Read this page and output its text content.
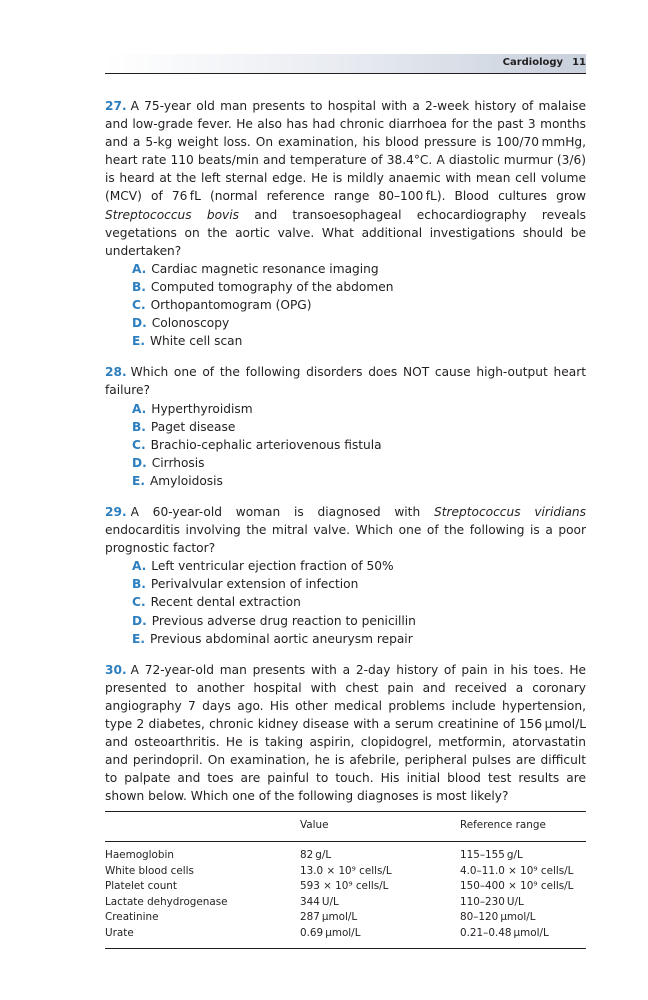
Cardiology 11

27. A 75-year old man presents to hospital with a 2-week history of malaise and low-grade fever. He also has had chronic diarrhoea for the past 3 months and a 5-kg weight loss. On examination, his blood pressure is 100/70 mmHg, heart rate 110 beats/min and temperature of 38.4°C. A diastolic murmur (3/6) is heard at the left sternal edge. He is mildly anaemic with mean cell volume (MCV) of 76 fL (normal reference range 80–100 fL). Blood cultures grow Streptococcus bovis and transoesophageal echocardiography reveals vegetations on the aortic valve. What additional investigations should be undertaken?

A. Cardiac magnetic resonance imaging
B. Computed tomography of the abdomen
C. Orthopantomogram (OPG)
D. Colonoscopy
E. White cell scan

28. Which one of the following disorders does NOT cause high-output heart failure?

A. Hyperthyroidism
B. Paget disease
C. Brachio-cephalic arteriovenous fistula
D. Cirrhosis
E. Amyloidosis

29. A 60-year-old woman is diagnosed with Streptococcus viridians endocarditis involving the mitral valve. Which one of the following is a poor prognostic factor?

A. Left ventricular ejection fraction of 50%
B. Perivalvular extension of infection
C. Recent dental extraction
D. Previous adverse drug reaction to penicillin
E. Previous abdominal aortic aneurysm repair

30. A 72-year-old man presents with a 2-day history of pain in his toes. He presented to another hospital with chest pain and received a coronary angiography 7 days ago. His other medical problems include hypertension, type 2 diabetes, chronic kidney disease with a serum creatinine of 156 µmol/L and osteoarthritis. He is taking aspirin, clopidogrel, metformin, atorvastatin and perindopril. On examination, he is afebrile, peripheral pulses are difficult to palpate and toes are painful to touch. His initial blood test results are shown below. Which one of the following diagnoses is most likely?

	Value	Reference range
Haemoglobin	82 g/L	115–155 g/L
White blood cells	13.0 × 10⁹ cells/L	4.0–11.0 × 10⁹ cells/L
Platelet count	593 × 10⁹ cells/L	150–400 × 10⁹ cells/L
Lactate dehydrogenase	344 U/L	110–230 U/L
Creatinine	287 µmol/L	80–120 µmol/L
Urate	0.69 µmol/L	0.21–0.48 µmol/L
